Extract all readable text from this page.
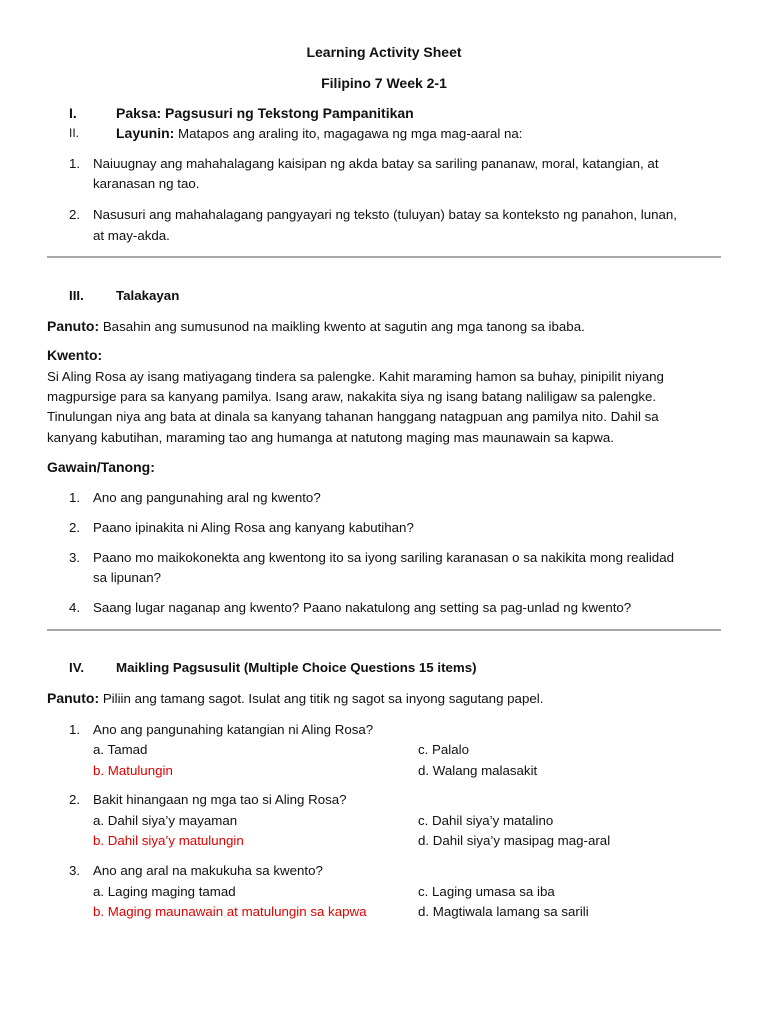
Learning Activity Sheet
Filipino 7 Week 2-1
I.	Paksa: Pagsusuri ng Tekstong Pampanitikan
II.	Layunin: Matapos ang araling ito, magagawa ng mga mag-aaral na:
1. Naiuugnay ang mahahalagang kaisipan ng akda batay sa sariling pananaw, moral, katangian, at
karanasan ng tao.
2. Nasusuri ang mahahalagang pangyayari ng teksto (tuluyan) batay sa konteksto ng panahon, lunan,
at may-akda.
III. Talakayan
Panuto: Basahin ang sumusunod na maikling kwento at sagutin ang mga tanong sa ibaba.
Kwento:
Si Aling Rosa ay isang matiyagang tindera sa palengke. Kahit maraming hamon sa buhay, pinipilit niyang
magpursige para sa kanyang pamilya. Isang araw, nakakita siya ng isang batang naliligaw sa palengke.
Tinulungan niya ang bata at dinala sa kanyang tahanan hanggang natagpuan ang pamilya nito. Dahil sa
kanyang kabutihan, maraming tao ang humanga at natutong maging mas maunawain sa kapwa.
Gawain/Tanong:
1. Ano ang pangunahing aral ng kwento?
2. Paano ipinakita ni Aling Rosa ang kanyang kabutihan?
3. Paano mo maikokonekta ang kwentong ito sa iyong sariling karanasan o sa nakikita mong realidad
sa lipunan?
4. Saang lugar naganap ang kwento? Paano nakatulong ang setting sa pag-unlad ng kwento?
IV. Maikling Pagsusulit (Multiple Choice Questions 15 items)
Panuto: Piliin ang tamang sagot. Isulat ang titik ng sagot sa inyong sagutang papel.
1. Ano ang pangunahing katangian ni Aling Rosa?
a. Tamad
b. Matulungin
c. Palalo
d. Walang malasakit
2. Bakit hinangaan ng mga tao si Aling Rosa?
a. Dahil siya’y mayaman
b. Dahil siya’y matulungin
c. Dahil siya’y matalino
d. Dahil siya’y masipag mag-aral
3. Ano ang aral na makukuha sa kwento?
a. Laging maging tamad
b. Maging maunawain at matulungin sa kapwa
c. Laging umasa sa iba
d. Magtiwala lamang sa sarili
